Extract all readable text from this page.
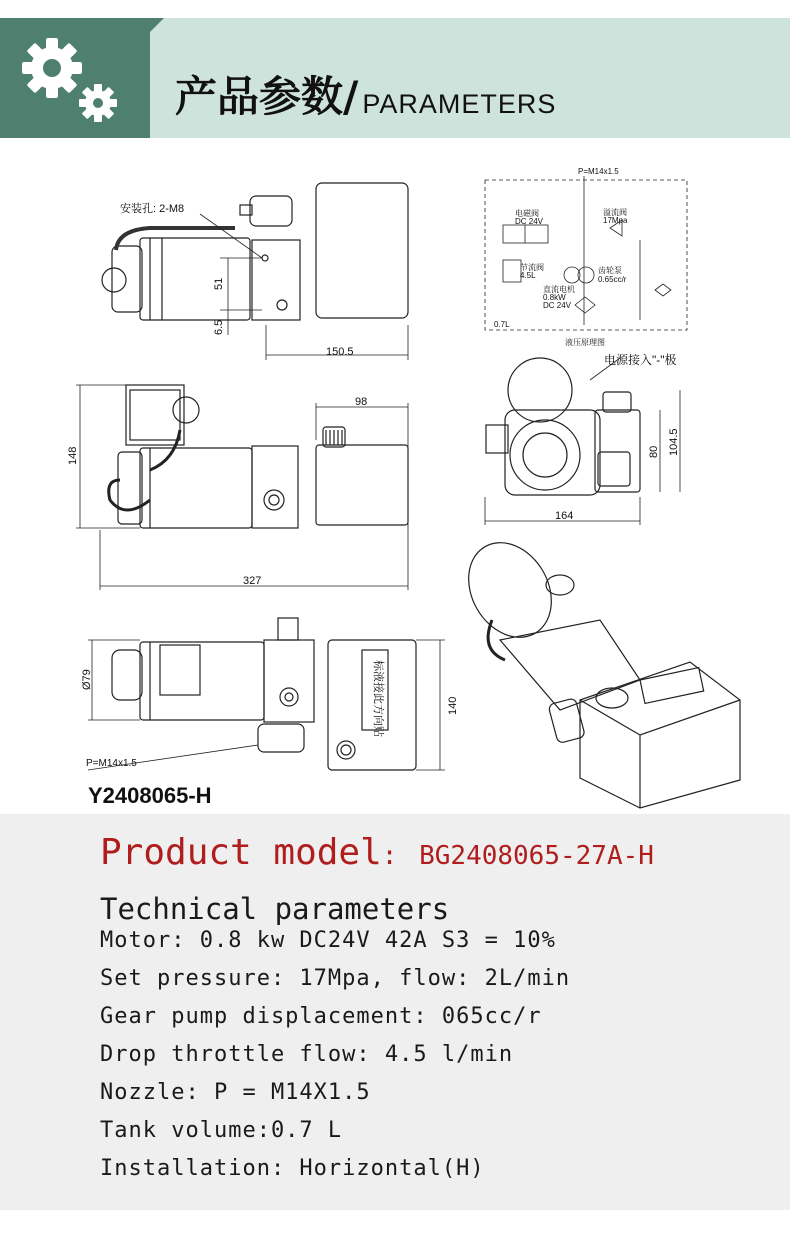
产品参数/ PARAMETERS
安装孔: 2-M8
150.5
51
6.5
98
148
327
Ø79
140
P=M14x1.5
标液接此方向贴
P=M14x1.5
电磁阀
DC 24V
溢流阀
17Mpa
节流阀
4.5L
齿轮泵
0.65cc/r
直流电机
0.8kW
DC 24V
0.7L
液压原理图
电源接入"-"极
164
80 104.5
Y2408065-H
Product model: BG2408065-27A-H
Technical parameters
Motor: 0.8 kw DC24V 42A S3 = 10%
Set pressure: 17Mpa, flow: 2L/min
Gear pump displacement: 065cc/r
Drop throttle flow: 4.5 l/min
Nozzle: P = M14X1.5
Tank volume:0.7 L
Installation: Horizontal(H)
